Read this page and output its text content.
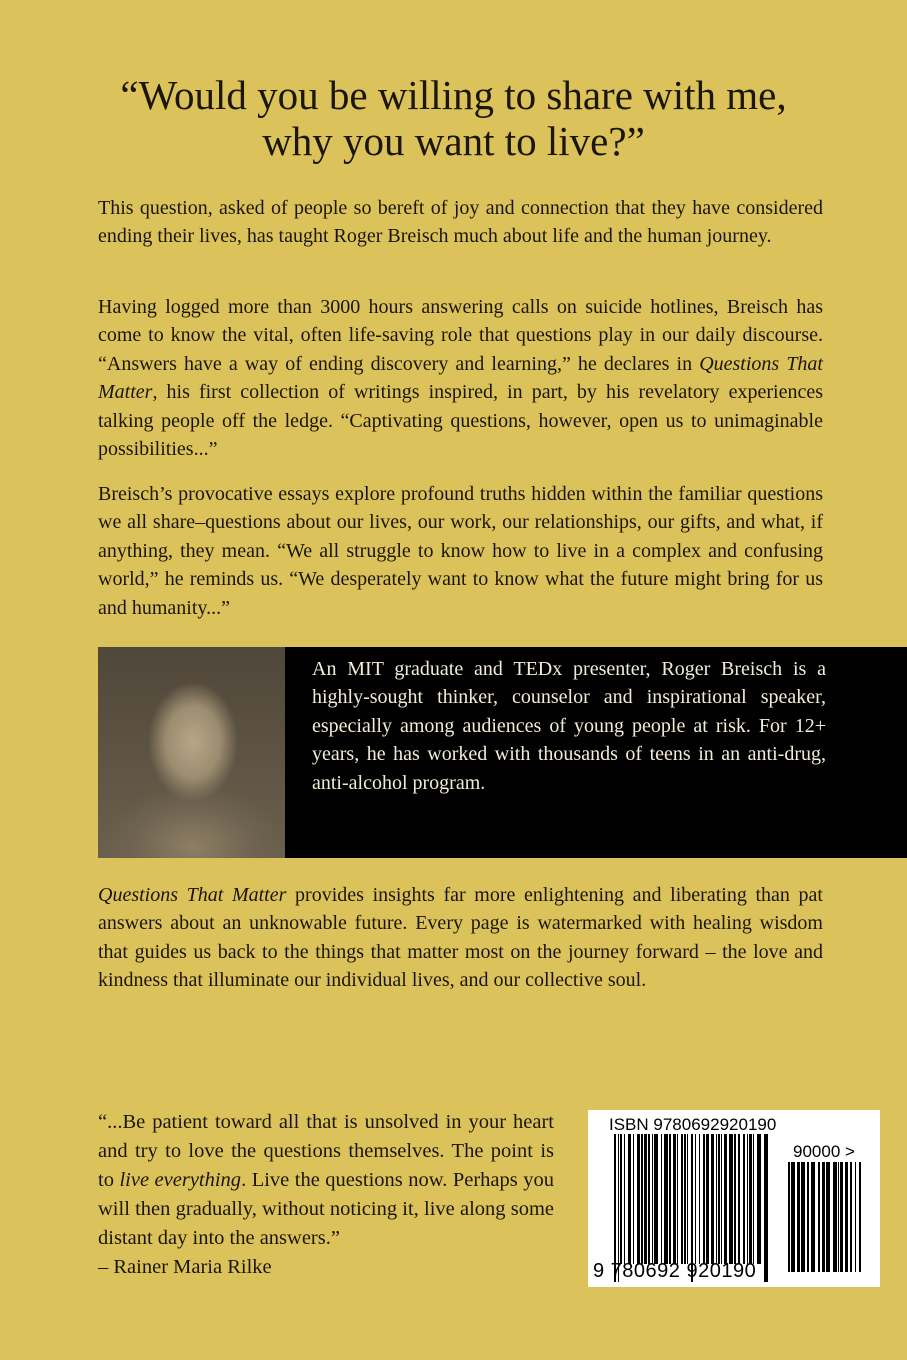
“Would you be willing to share with me,
why you want to live?”

This question, asked of people so bereft of joy and connection that they have considered ending their lives, has taught Roger Breisch much about life and the human journey.

Having logged more than 3000 hours answering calls on suicide hotlines, Breisch has come to know the vital, often life-saving role that questions play in our daily discourse. “Answers have a way of ending discovery and learning,” he declares in Questions That Matter, his first collection of writings inspired, in part, by his revelatory experiences talking people off the ledge. “Captivating questions, however, open us to unimaginable possibilities...”

Breisch’s provocative essays explore profound truths hidden within the familiar questions we all share–questions about our lives, our work, our relationships, our gifts, and what, if anything, they mean. “We all struggle to know how to live in a complex and confusing world,” he reminds us. “We desperately want to know what the future might bring for us and humanity...”

An MIT graduate and TEDx presenter, Roger Breisch is a highly-sought thinker, counselor and inspirational speaker, especially among audiences of young people at risk. For 12+ years, he has worked with thousands of teens in an anti-drug, anti-alcohol program.

Questions That Matter provides insights far more enlightening and liberating than pat answers about an unknowable future. Every page is watermarked with healing wisdom that guides us back to the things that matter most on the journey forward – the love and kindness that illuminate our individual lives, and our collective soul.

“...Be patient toward all that is unsolved in your heart and try to love the questions themselves. The point is to live everything. Live the questions now. Perhaps you will then gradually, without noticing it, live along some distant day into the answers.”
– Rainer Maria Rilke
ISBN 9780692920190
90000 >
9 780692 920190
